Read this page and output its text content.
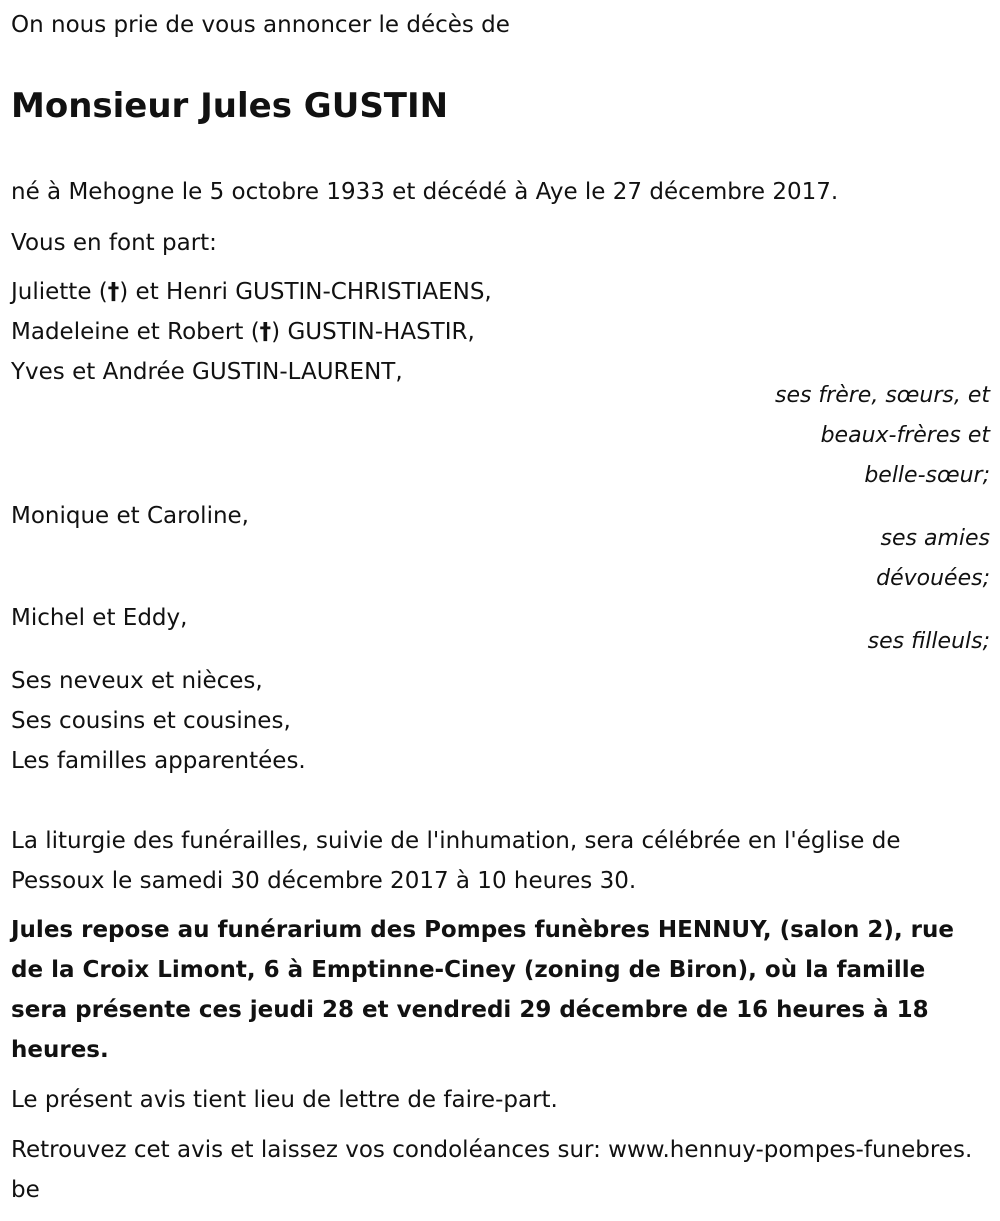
On nous prie de vous annoncer le décès de

Monsieur Jules GUSTIN

né à Mehogne le 5 octobre 1933 et décédé à Aye le 27 décembre 2017.

Vous en font part:

Juliette (†) et Henri GUSTIN-CHRISTIAENS,

Madeleine et Robert (†) GUSTIN-HASTIR,

Yves et Andrée GUSTIN-LAURENT,

ses frère, sœurs, et

beaux-frères et

belle-sœur;

Monique et Caroline,

ses amies

dévouées;

Michel et Eddy,

ses filleuls;

Ses neveux et nièces,

Ses cousins et cousines,

Les familles apparentées.

La liturgie des funérailles, suivie de l'inhumation, sera célébrée en l'église de Pessoux le samedi 30 décembre 2017 à 10 heures 30.

Jules repose au funérarium des Pompes funèbres HENNUY, (salon 2), rue de la Croix Limont, 6 à Emptinne-Ciney (zoning de Biron), où la famille sera présente ces jeudi 28 et vendredi 29 décembre de 16 heures à 18 heures.

Le présent avis tient lieu de lettre de faire-part.

Retrouvez cet avis et laissez vos condoléances sur: www.hennuy-pompes-funebres.be
